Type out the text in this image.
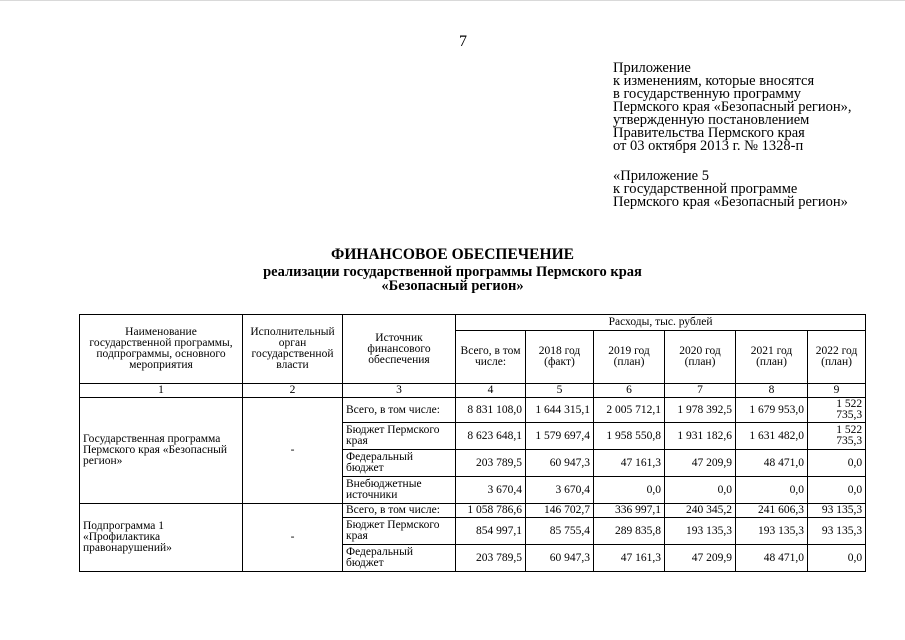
7
Приложение
к изменениям, которые вносятся
в государственную программу
Пермского края «Безопасный регион»,
утвержденную постановлением
Правительства Пермского края
от 03 октября 2013 г. № 1328-п
«Приложение 5
к государственной программе
Пермского края «Безопасный регион»
ФИНАНСОВОЕ ОБЕСПЕЧЕНИЕ
реализации государственной программы Пермского края
«Безопасный регион»
Наименование государственной программы, подпрограммы, основного мероприятия	Исполнительный орган государственной власти	Источник финансового обеспечения	Расходы, тыс. рублей					
			Всего, в том числе:	2018 год (факт)	2019 год (план)	2020 год (план)	2021 год (план)	2022 год (план)
1	2	3	4	5	6	7	8	9
Государственная программа Пермского края «Безопасный регион»	-	Всего, в том числе:	8 831 108,0	1 644 315,1	2 005 712,1	1 978 392,5	1 679 953,0	1 522 735,3
		Бюджет Пермского края	8 623 648,1	1 579 697,4	1 958 550,8	1 931 182,6	1 631 482,0	1 522 735,3
		Федеральный бюджет	203 789,5	60 947,3	47 161,3	47 209,9	48 471,0	0,0
		Внебюджетные источники	3 670,4	3 670,4	0,0	0,0	0,0	0,0
Подпрограмма 1 «Профилактика правонарушений»	-	Всего, в том числе:	1 058 786,6	146 702,7	336 997,1	240 345,2	241 606,3	93 135,3
		Бюджет Пермского края	854 997,1	85 755,4	289 835,8	193 135,3	193 135,3	93 135,3
		Федеральный бюджет	203 789,5	60 947,3	47 161,3	47 209,9	48 471,0	0,0
